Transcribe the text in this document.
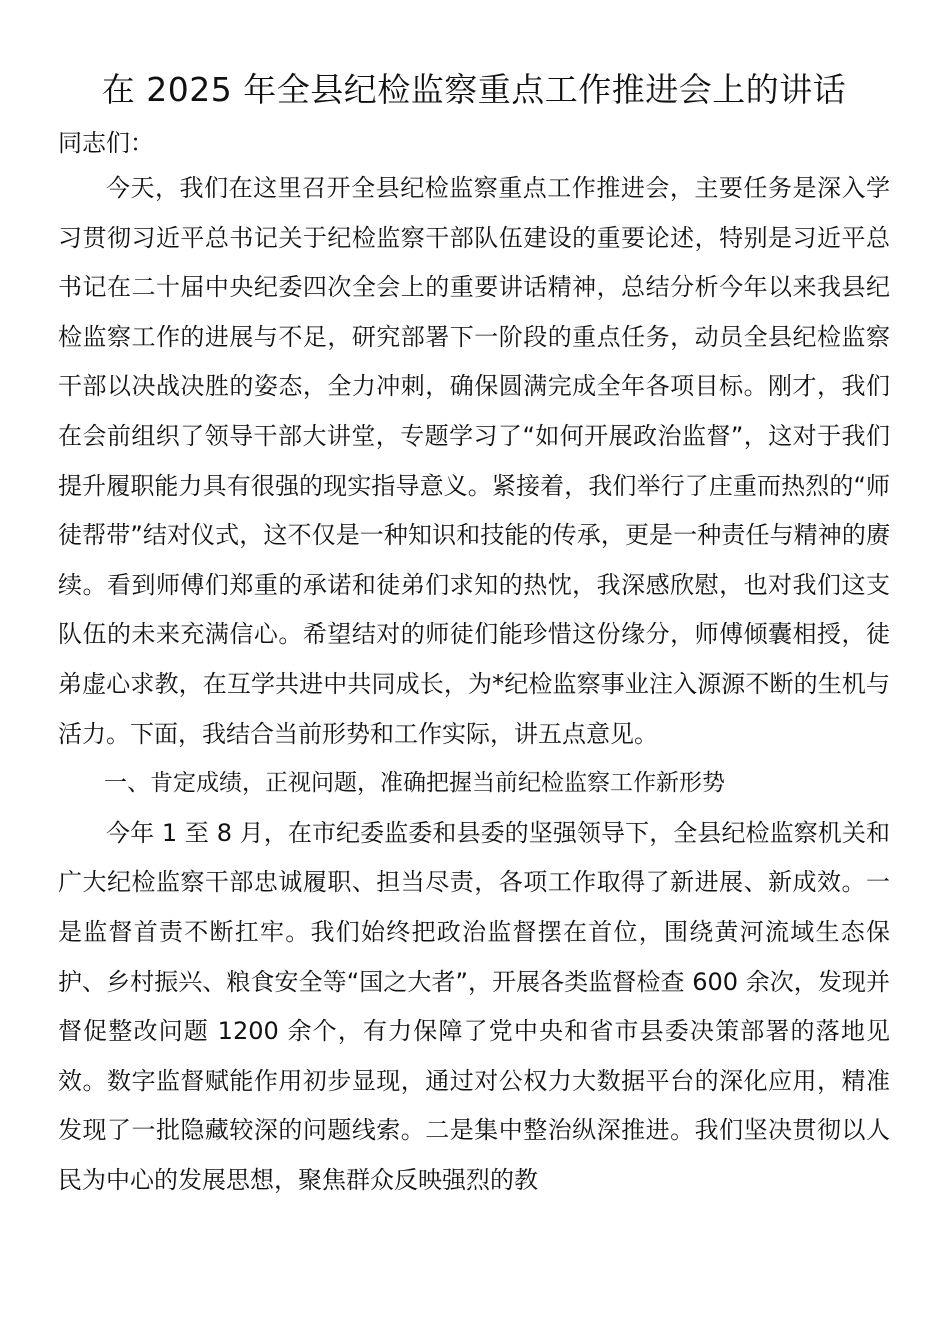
在 2025 年全县纪检监察重点工作推进会上的讲话

同志们：

今天，我们在这里召开全县纪检监察重点工作推进会，主要任务是深入学习贯彻习近平总书记关于纪检监察干部队伍建设的重要论述，特别是习近平总书记在二十届中央纪委四次全会上的重要讲话精神，总结分析今年以来我县纪检监察工作的进展与不足，研究部署下一阶段的重点任务，动员全县纪检监察干部以决战决胜的姿态，全力冲刺，确保圆满完成全年各项目标。刚才，我们在会前组织了领导干部大讲堂，专题学习了“如何开展政治监督”，这对于我们提升履职能力具有很强的现实指导意义。紧接着，我们举行了庄重而热烈的“师徒帮带”结对仪式，这不仅是一种知识和技能的传承，更是一种责任与精神的赓续。看到师傅们郑重的承诺和徒弟们求知的热忱，我深感欣慰，也对我们这支队伍的未来充满信心。希望结对的师徒们能珍惜这份缘分，师傅倾囊相授，徒弟虚心求教，在互学共进中共同成长，为*纪检监察事业注入源源不断的生机与活力。下面，我结合当前形势和工作实际，讲五点意见。

一、肯定成绩，正视问题，准确把握当前纪检监察工作新形势

今年 1 至 8 月，在市纪委监委和县委的坚强领导下，全县纪检监察机关和广大纪检监察干部忠诚履职、担当尽责，各项工作取得了新进展、新成效。一是监督首责不断扛牢。我们始终把政治监督摆在首位，围绕黄河流域生态保护、乡村振兴、粮食安全等“国之大者”，开展各类监督检查 600 余次，发现并督促整改问题 1200 余个，有力保障了党中央和省市县委决策部署的落地见效。数字监督赋能作用初步显现，通过对公权力大数据平台的深化应用，精准发现了一批隐藏较深的问题线索。二是集中整治纵深推进。我们坚决贯彻以人民为中心的发展思想，聚焦群众反映强烈的教
